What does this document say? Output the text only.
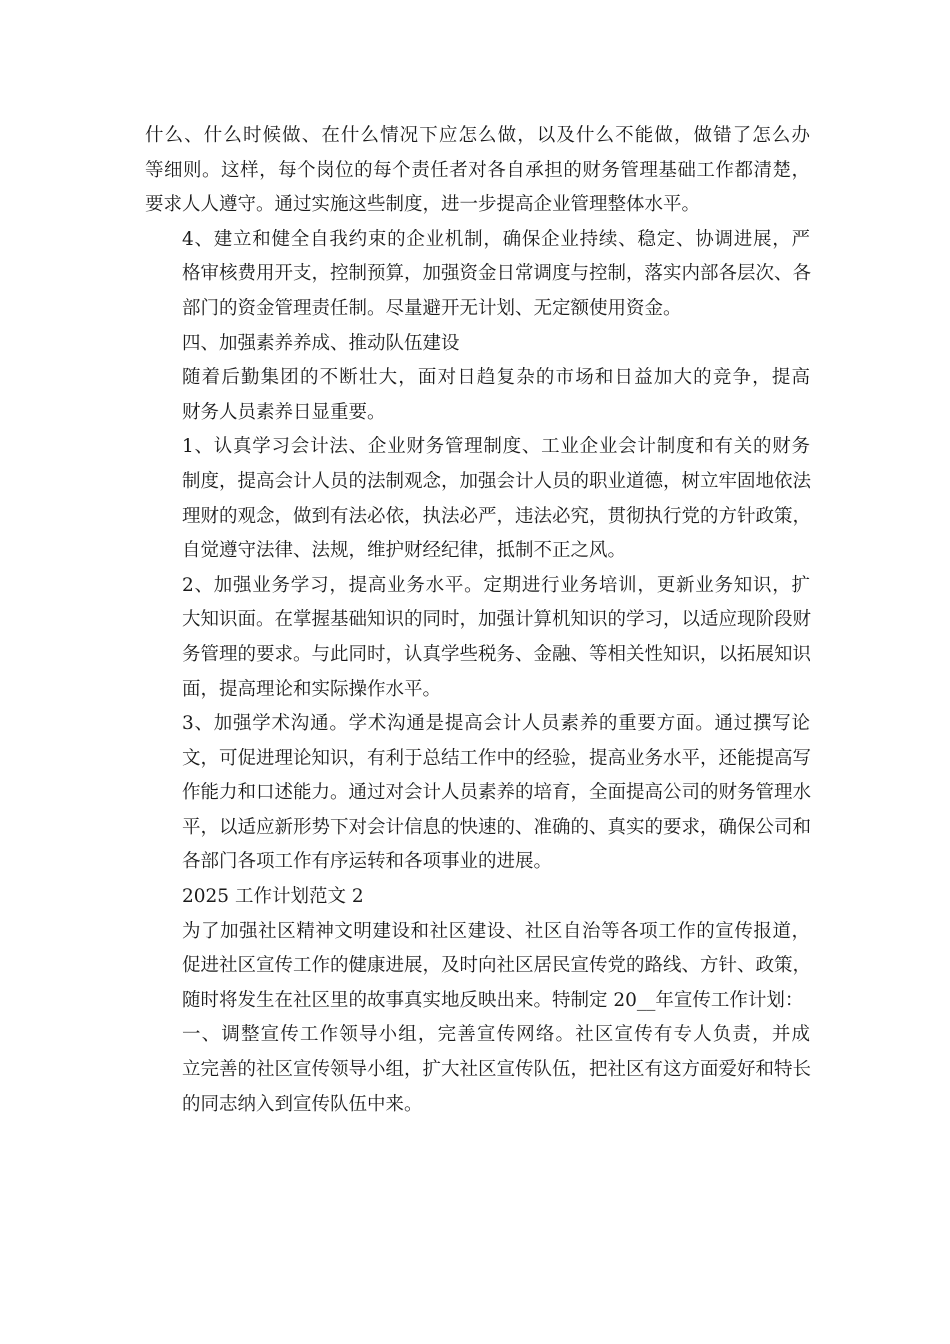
什么、什么时候做、在什么情况下应怎么做，以及什么不能做，做错了怎么办
等细则。这样，每个岗位的每个责任者对各自承担的财务管理基础工作都清楚，
要求人人遵守。通过实施这些制度，进一步提高企业管理整体水平。

4、建立和健全自我约束的企业机制，确保企业持续、稳定、协调进展，严
格审核费用开支，控制预算，加强资金日常调度与控制，落实内部各层次、各
部门的资金管理责任制。尽量避开无计划、无定额使用资金。

四、加强素养养成、推动队伍建设

随着后勤集团的不断壮大，面对日趋复杂的市场和日益加大的竞争，提高
财务人员素养日显重要。

1、认真学习会计法、企业财务管理制度、工业企业会计制度和有关的财务
制度，提高会计人员的法制观念，加强会计人员的职业道德，树立牢固地依法
理财的观念，做到有法必依，执法必严，违法必究，贯彻执行党的方针政策，
自觉遵守法律、法规，维护财经纪律，抵制不正之风。

2、加强业务学习，提高业务水平。定期进行业务培训，更新业务知识，扩
大知识面。在掌握基础知识的同时，加强计算机知识的学习，以适应现阶段财
务管理的要求。与此同时，认真学些税务、金融、等相关性知识，以拓展知识
面，提高理论和实际操作水平。

3、加强学术沟通。学术沟通是提高会计人员素养的重要方面。通过撰写论
文，可促进理论知识，有利于总结工作中的经验，提高业务水平，还能提高写
作能力和口述能力。通过对会计人员素养的培育，全面提高公司的财务管理水
平，以适应新形势下对会计信息的快速的、准确的、真实的要求，确保公司和
各部门各项工作有序运转和各项事业的进展。

2025 工作计划范文 2

为了加强社区精神文明建设和社区建设、社区自治等各项工作的宣传报道，
促进社区宣传工作的健康进展，及时向社区居民宣传党的路线、方针、政策，
随时将发生在社区里的故事真实地反映出来。特制定 20__年宣传工作计划：

一、调整宣传工作领导小组，完善宣传网络。社区宣传有专人负责，并成
立完善的社区宣传领导小组，扩大社区宣传队伍，把社区有这方面爱好和特长
的同志纳入到宣传队伍中来。
